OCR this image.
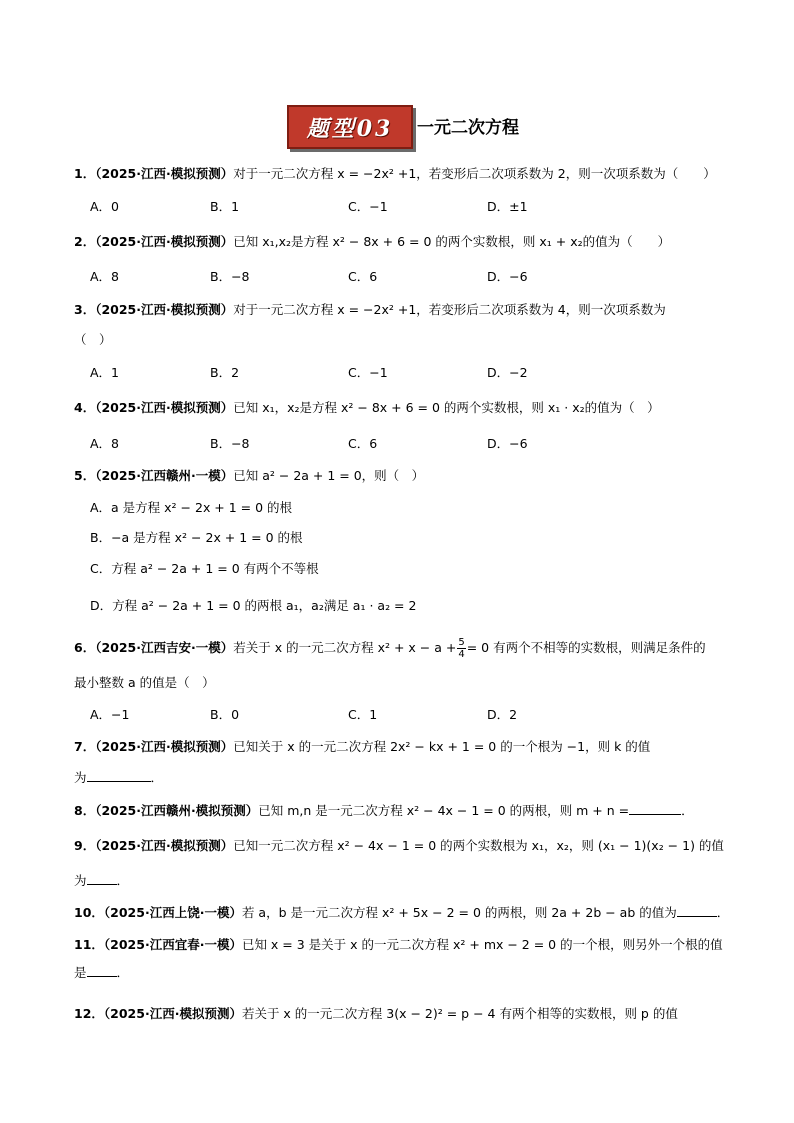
题型03	一元二次方程
1．（2025·江西·模拟预测）对于一元二次方程 x = −2x² +1，若变形后二次项系数为 2，则一次项系数为（　　）
A．0	B．1	C．−1	D．±1
2．（2025·江西·模拟预测）已知 x₁,x₂是方程 x² − 8x + 6 = 0 的两个实数根，则 x₁ + x₂的值为（　　）
A．8	B．−8	C．6	D．−6
3．（2025·江西·模拟预测）对于一元二次方程 x = −2x² +1，若变形后二次项系数为 4，则一次项系数为
（　）
A．1	B．2	C．−1	D．−2
4．（2025·江西·模拟预测）已知 x₁，x₂是方程 x² − 8x + 6 = 0 的两个实数根，则 x₁ · x₂的值为（　）
A．8	B．−8	C．6	D．−6
5．（2025·江西赣州·一模）已知 a² − 2a + 1 = 0，则（　）
A．a 是方程 x² − 2x + 1 = 0 的根
B．−a 是方程 x² − 2x + 1 = 0 的根
C．方程 a² − 2a + 1 = 0 有两个不等根
D．方程 a² − 2a + 1 = 0 的两根 a₁，a₂满足 a₁ · a₂ = 2
6．（2025·江西吉安·一模）若关于 x 的一元二次方程 $x^2 + x - a + \frac{5}{4} = 0$ 有两个不相等的实数根，则满足条件的
最小整数 a 的值是（　）
A．−1	B．0	C．1	D．2
7．（2025·江西·模拟预测）已知关于 x 的一元二次方程 2x² − kx + 1 = 0 的一个根为 −1，则 k 的值
为	．
8．（2025·江西赣州·模拟预测）已知 m,n 是一元二次方程 x² − 4x − 1 = 0 的两根，则 m + n =	．
9．（2025·江西·模拟预测）已知一元二次方程 x² − 4x − 1 = 0 的两个实数根为 x₁，x₂，则 (x₁ − 1)(x₂ − 1) 的值
为 ．
10．（2025·江西上饶·一模）若 a，b 是一元二次方程 x² + 5x − 2 = 0 的两根，则 2a + 2b − ab 的值为	．
11．（2025·江西宜春·一模）已知 x = 3 是关于 x 的一元二次方程 x² + mx − 2 = 0 的一个根，则另外一个根的值
是 ．
12．（2025·江西·模拟预测）若关于 x 的一元二次方程 3(x − 2)² = p − 4 有两个相等的实数根，则 p 的值
